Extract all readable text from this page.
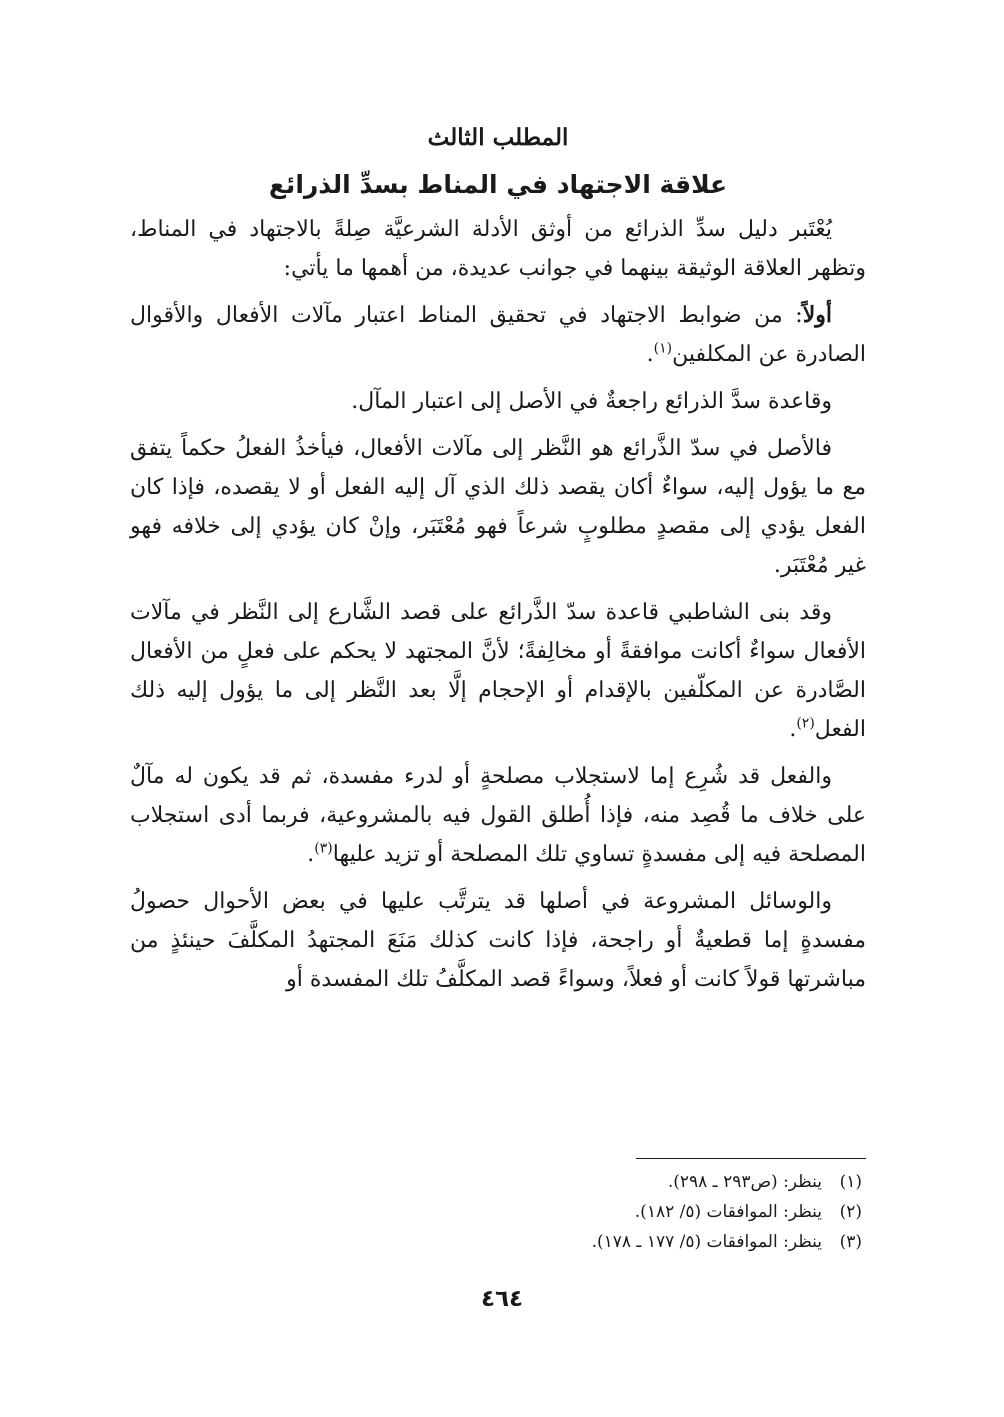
المطلب الثالث
علاقة الاجتهاد في المناط بسدِّ الذرائع

يُعْتَبر دليل سدِّ الذرائع من أوثق الأدلة الشرعيَّة صِلةً بالاجتهاد في المناط، وتظهر العلاقة الوثيقة بينهما في جوانب عديدة، من أهمها ما يأتي:

أولاً: من ضوابط الاجتهاد في تحقيق المناط اعتبار مآلات الأفعال والأقوال الصادرة عن المكلفين$^{(١)}$.

وقاعدة سدَّ الذرائع راجعةٌ في الأصل إلى اعتبار المآل.

فالأصل في سدّ الذَّرائع هو النَّظر إلى مآلات الأفعال، فيأخذُ الفعلُ حكماً يتفق مع ما يؤول إليه، سواءٌ أكان يقصد ذلك الذي آل إليه الفعل أو لا يقصده، فإذا كان الفعل يؤدي إلى مقصدٍ مطلوبٍ شرعاً فهو مُعْتَبَر، وإنْ كان يؤدي إلى خلافه فهو غير مُعْتَبَر.

وقد بنى الشاطبي قاعدة سدّ الذَّرائع على قصد الشَّارع إلى النَّظر في مآلات الأفعال سواءٌ أكانت موافقةً أو مخالِفةً؛ لأنَّ المجتهد لا يحكم على فعلٍ من الأفعال الصَّادرة عن المكلّفين بالإقدام أو الإحجام إلَّا بعد النَّظر إلى ما يؤول إليه ذلك الفعل$^{(٢)}$.

والفعل قد شُرِع إما لاستجلاب مصلحةٍ أو لدرء مفسدة، ثم قد يكون له مآلٌ على خلاف ما قُصِد منه، فإذا أُطلق القول فيه بالمشروعية، فربما أدى استجلاب المصلحة فيه إلى مفسدةٍ تساوي تلك المصلحة أو تزيد عليها$^{(٣)}$.

والوسائل المشروعة في أصلها قد يترتَّب عليها في بعض الأحوال حصولُ مفسدةٍ إما قطعيةٌ أو راجحة، فإذا كانت كذلك مَنَعَ المجتهدُ المكلَّفَ حينئذٍ من مباشرتها قولاً كانت أو فعلاً، وسواءً قصد المكلَّفُ تلك المفسدة أو

(١)ينظر: (ص٢٩٣ ـ ٢٩٨).

(٢)ينظر: الموافقات (٥/ ١٨٢).

(٣)ينظر: الموافقات (٥/ ١٧٧ ـ ١٧٨).

٤٦٤
